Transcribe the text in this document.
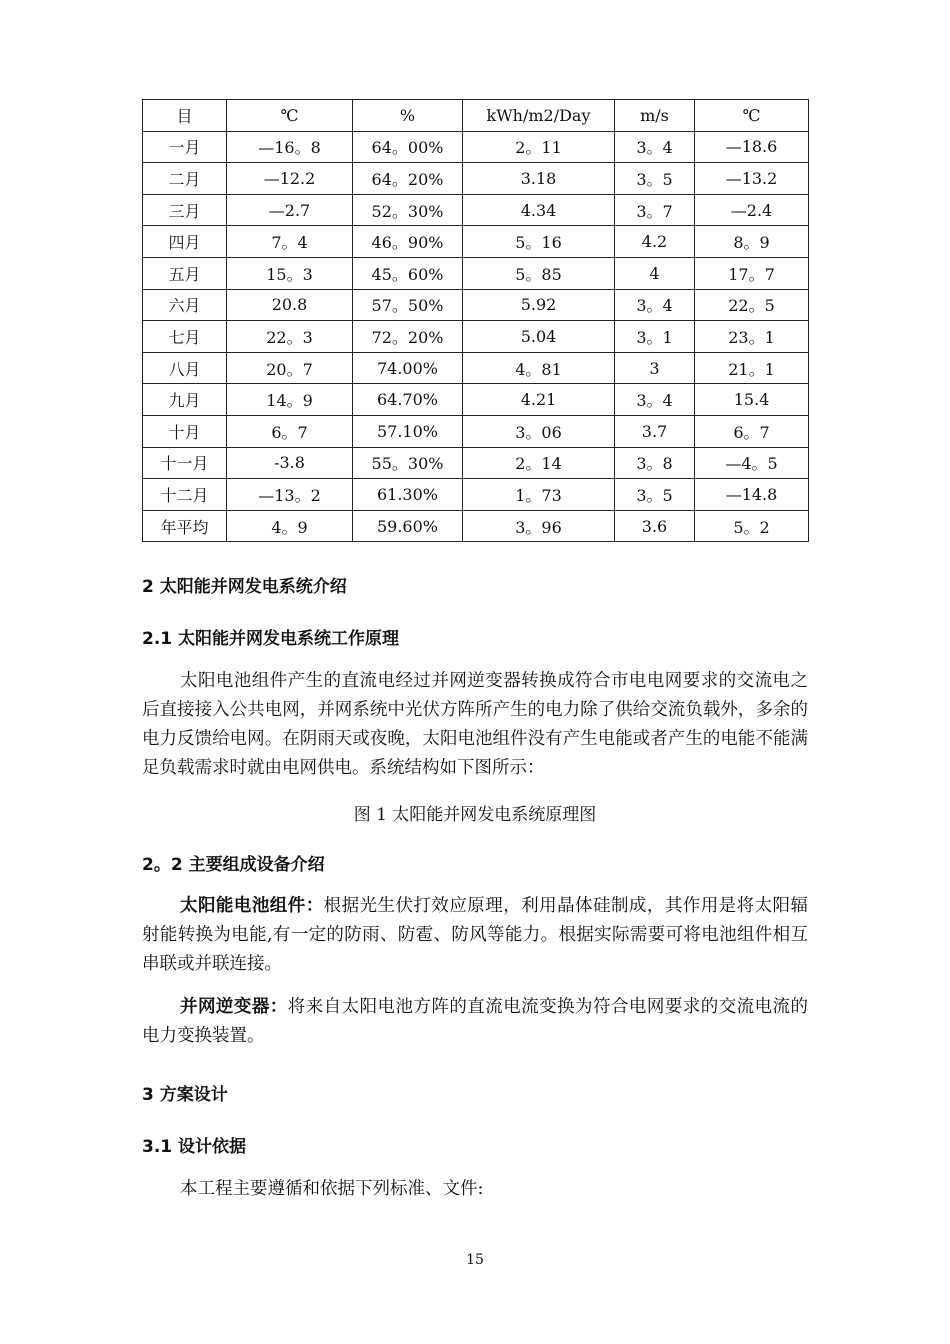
目	℃	%	kWh/m2/Day	m/s	℃
一月	—16。8	64。00%	2。11	3。4	—18.6
二月	—12.2	64。20%	3.18	3。5	—13.2
三月	—2.7	52。30%	4.34	3。7	—2.4
四月	7。4	46。90%	5。16	4.2	8。9
五月	15。3	45。60%	5。85	4	17。7
六月	20.8	57。50%	5.92	3。4	22。5
七月	22。3	72。20%	5.04	3。1	23。1
八月	20。7	74.00%	4。81	3	21。1
九月	14。9	64.70%	4.21	3。4	15.4
十月	6。7	57.10%	3。06	3.7	6。7
十一月	-3.8	55。30%	2。14	3。8	—4。5
十二月	—13。2	61.30%	1。73	3。5	—14.8
年平均	4。9	59.60%	3。96	3.6	5。2
2 太阳能并网发电系统介绍
2.1 太阳能并网发电系统工作原理

太阳电池组件产生的直流电经过并网逆变器转换成符合市电电网要求的交流电之后直接接入公共电网，并网系统中光伏方阵所产生的电力除了供给交流负载外，多余的电力反馈给电网。在阴雨天或夜晚，太阳电池组件没有产生电能或者产生的电能不能满足负载需求时就由电网供电。系统结构如下图所示：

图 1 太阳能并网发电系统原理图
2。2 主要组成设备介绍

太阳能电池组件：根据光生伏打效应原理，利用晶体硅制成，其作用是将太阳辐射能转换为电能,有一定的防雨、防雹、防风等能力。根据实际需要可将电池组件相互串联或并联连接。

并网逆变器：将来自太阳电池方阵的直流电流变换为符合电网要求的交流电流的电力变换装置。

3 方案设计
3.1 设计依据

本工程主要遵循和依据下列标准、文件:

15
